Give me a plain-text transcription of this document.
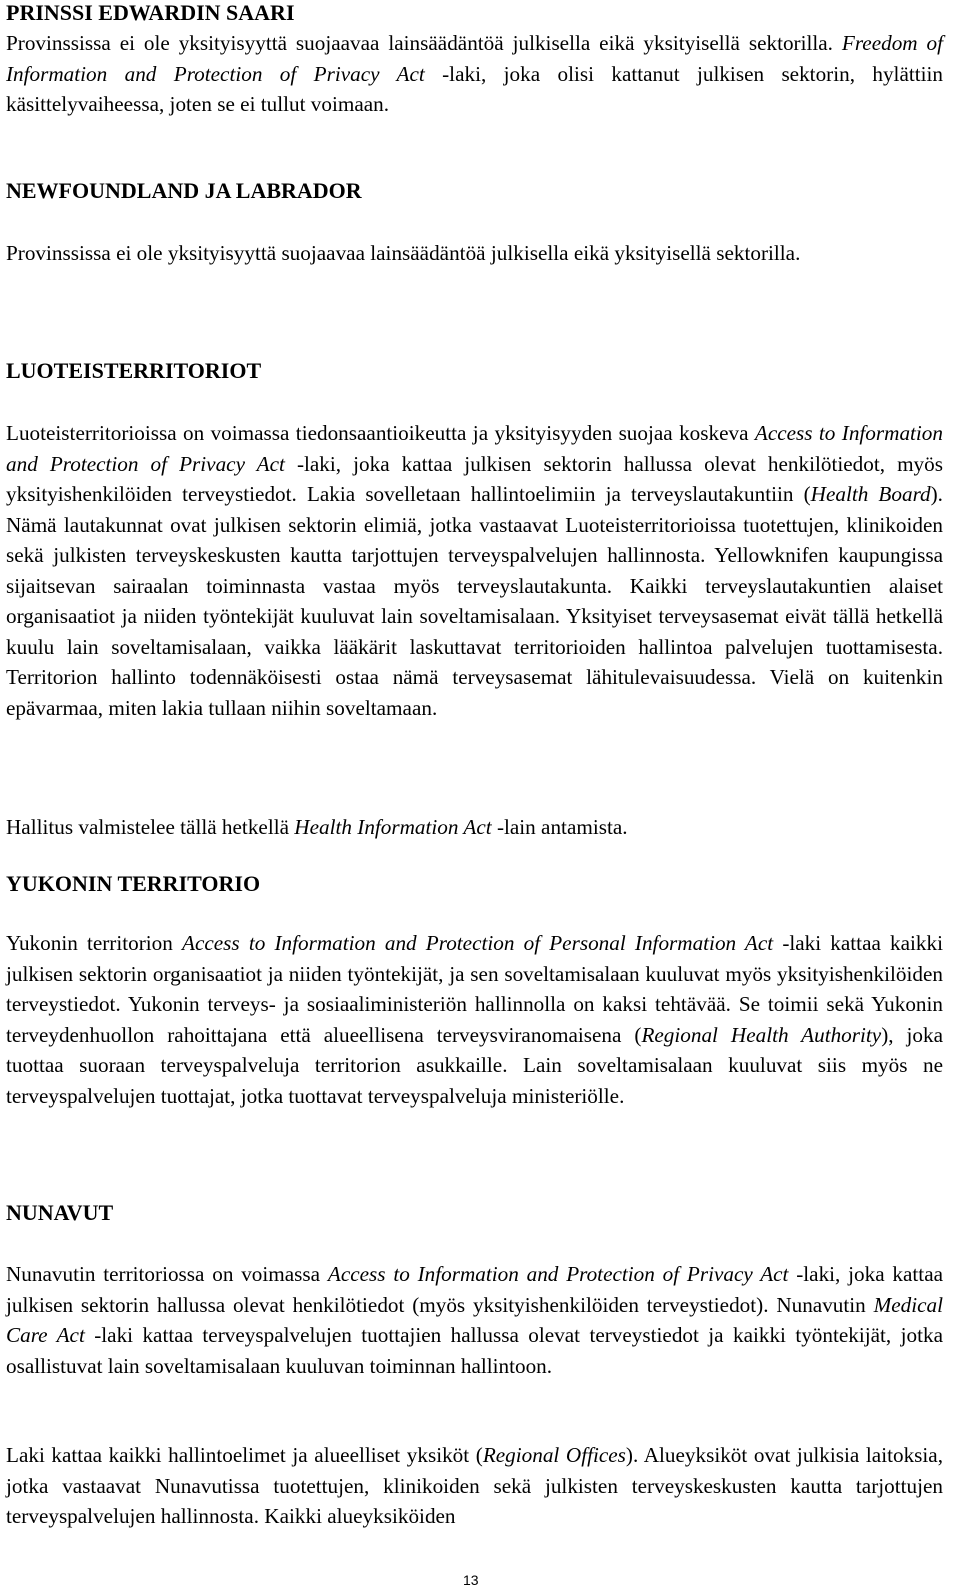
PRINSSI EDWARDIN SAARI

Provinssissa ei ole yksityisyyttä suojaavaa lainsäädäntöä julkisella eikä yksityisellä sektorilla. Freedom of Information and Protection of Privacy Act -laki, joka olisi kattanut julkisen sektorin, hylättiin käsittelyvaiheessa, joten se ei tullut voimaan.

NEWFOUNDLAND JA LABRADOR

Provinssissa ei ole yksityisyyttä suojaavaa lainsäädäntöä julkisella eikä yksityisellä sektorilla.

LUOTEISTERRITORIOT

Luoteisterritorioissa on voimassa tiedonsaantioikeutta ja yksityisyyden suojaa koskeva Access to Information and Protection of Privacy Act -laki, joka kattaa julkisen sektorin hallussa olevat henkilötiedot, myös yksityishenkilöiden terveystiedot. Lakia sovelletaan hallintoelimiin ja terveyslautakuntiin (Health Board). Nämä lautakunnat ovat julkisen sektorin elimiä, jotka vastaavat Luoteisterritorioissa tuotettujen, klinikoiden sekä julkisten terveyskeskusten kautta tarjottujen terveyspalvelujen hallinnosta. Yellowknifen kaupungissa sijaitsevan sairaalan toiminnasta vastaa myös terveyslautakunta. Kaikki terveyslautakuntien alaiset organisaatiot ja niiden työntekijät kuuluvat lain soveltamisalaan. Yksityiset terveysasemat eivät tällä hetkellä kuulu lain soveltamisalaan, vaikka lääkärit laskuttavat territorioiden hallintoa palvelujen tuottamisesta. Territorion hallinto todennäköisesti ostaa nämä terveysasemat lähitulevaisuudessa. Vielä on kuitenkin epävarmaa, miten lakia tullaan niihin soveltamaan.

Hallitus valmistelee tällä hetkellä Health Information Act -lain antamista.

YUKONIN TERRITORIO

Yukonin territorion Access to Information and Protection of Personal Information Act -laki kattaa kaikki julkisen sektorin organisaatiot ja niiden työntekijät, ja sen soveltamisalaan kuuluvat myös yksityishenkilöiden terveystiedot. Yukonin terveys- ja sosiaaliministeriön hallinnolla on kaksi tehtävää. Se toimii sekä Yukonin terveydenhuollon rahoittajana että alueellisena terveysviranomaisena (Regional Health Authority), joka tuottaa suoraan terveyspalveluja territorion asukkaille. Lain soveltamisalaan kuuluvat siis myös ne terveyspalvelujen tuottajat, jotka tuottavat terveyspalveluja ministeriölle.

NUNAVUT

Nunavutin territoriossa on voimassa Access to Information and Protection of Privacy Act -laki, joka kattaa julkisen sektorin hallussa olevat henkilötiedot (myös yksityishenkilöiden terveystiedot). Nunavutin Medical Care Act -laki kattaa terveyspalvelujen tuottajien hallussa olevat terveystiedot ja kaikki työntekijät, jotka osallistuvat lain soveltamisalaan kuuluvan toiminnan hallintoon.

Laki kattaa kaikki hallintoelimet ja alueelliset yksiköt (Regional Offices). Alueyksiköt ovat julkisia laitoksia, jotka vastaavat Nunavutissa tuotettujen, klinikoiden sekä julkisten terveyskeskusten kautta tarjottujen terveyspalvelujen hallinnosta. Kaikki alueyksiköiden

13
